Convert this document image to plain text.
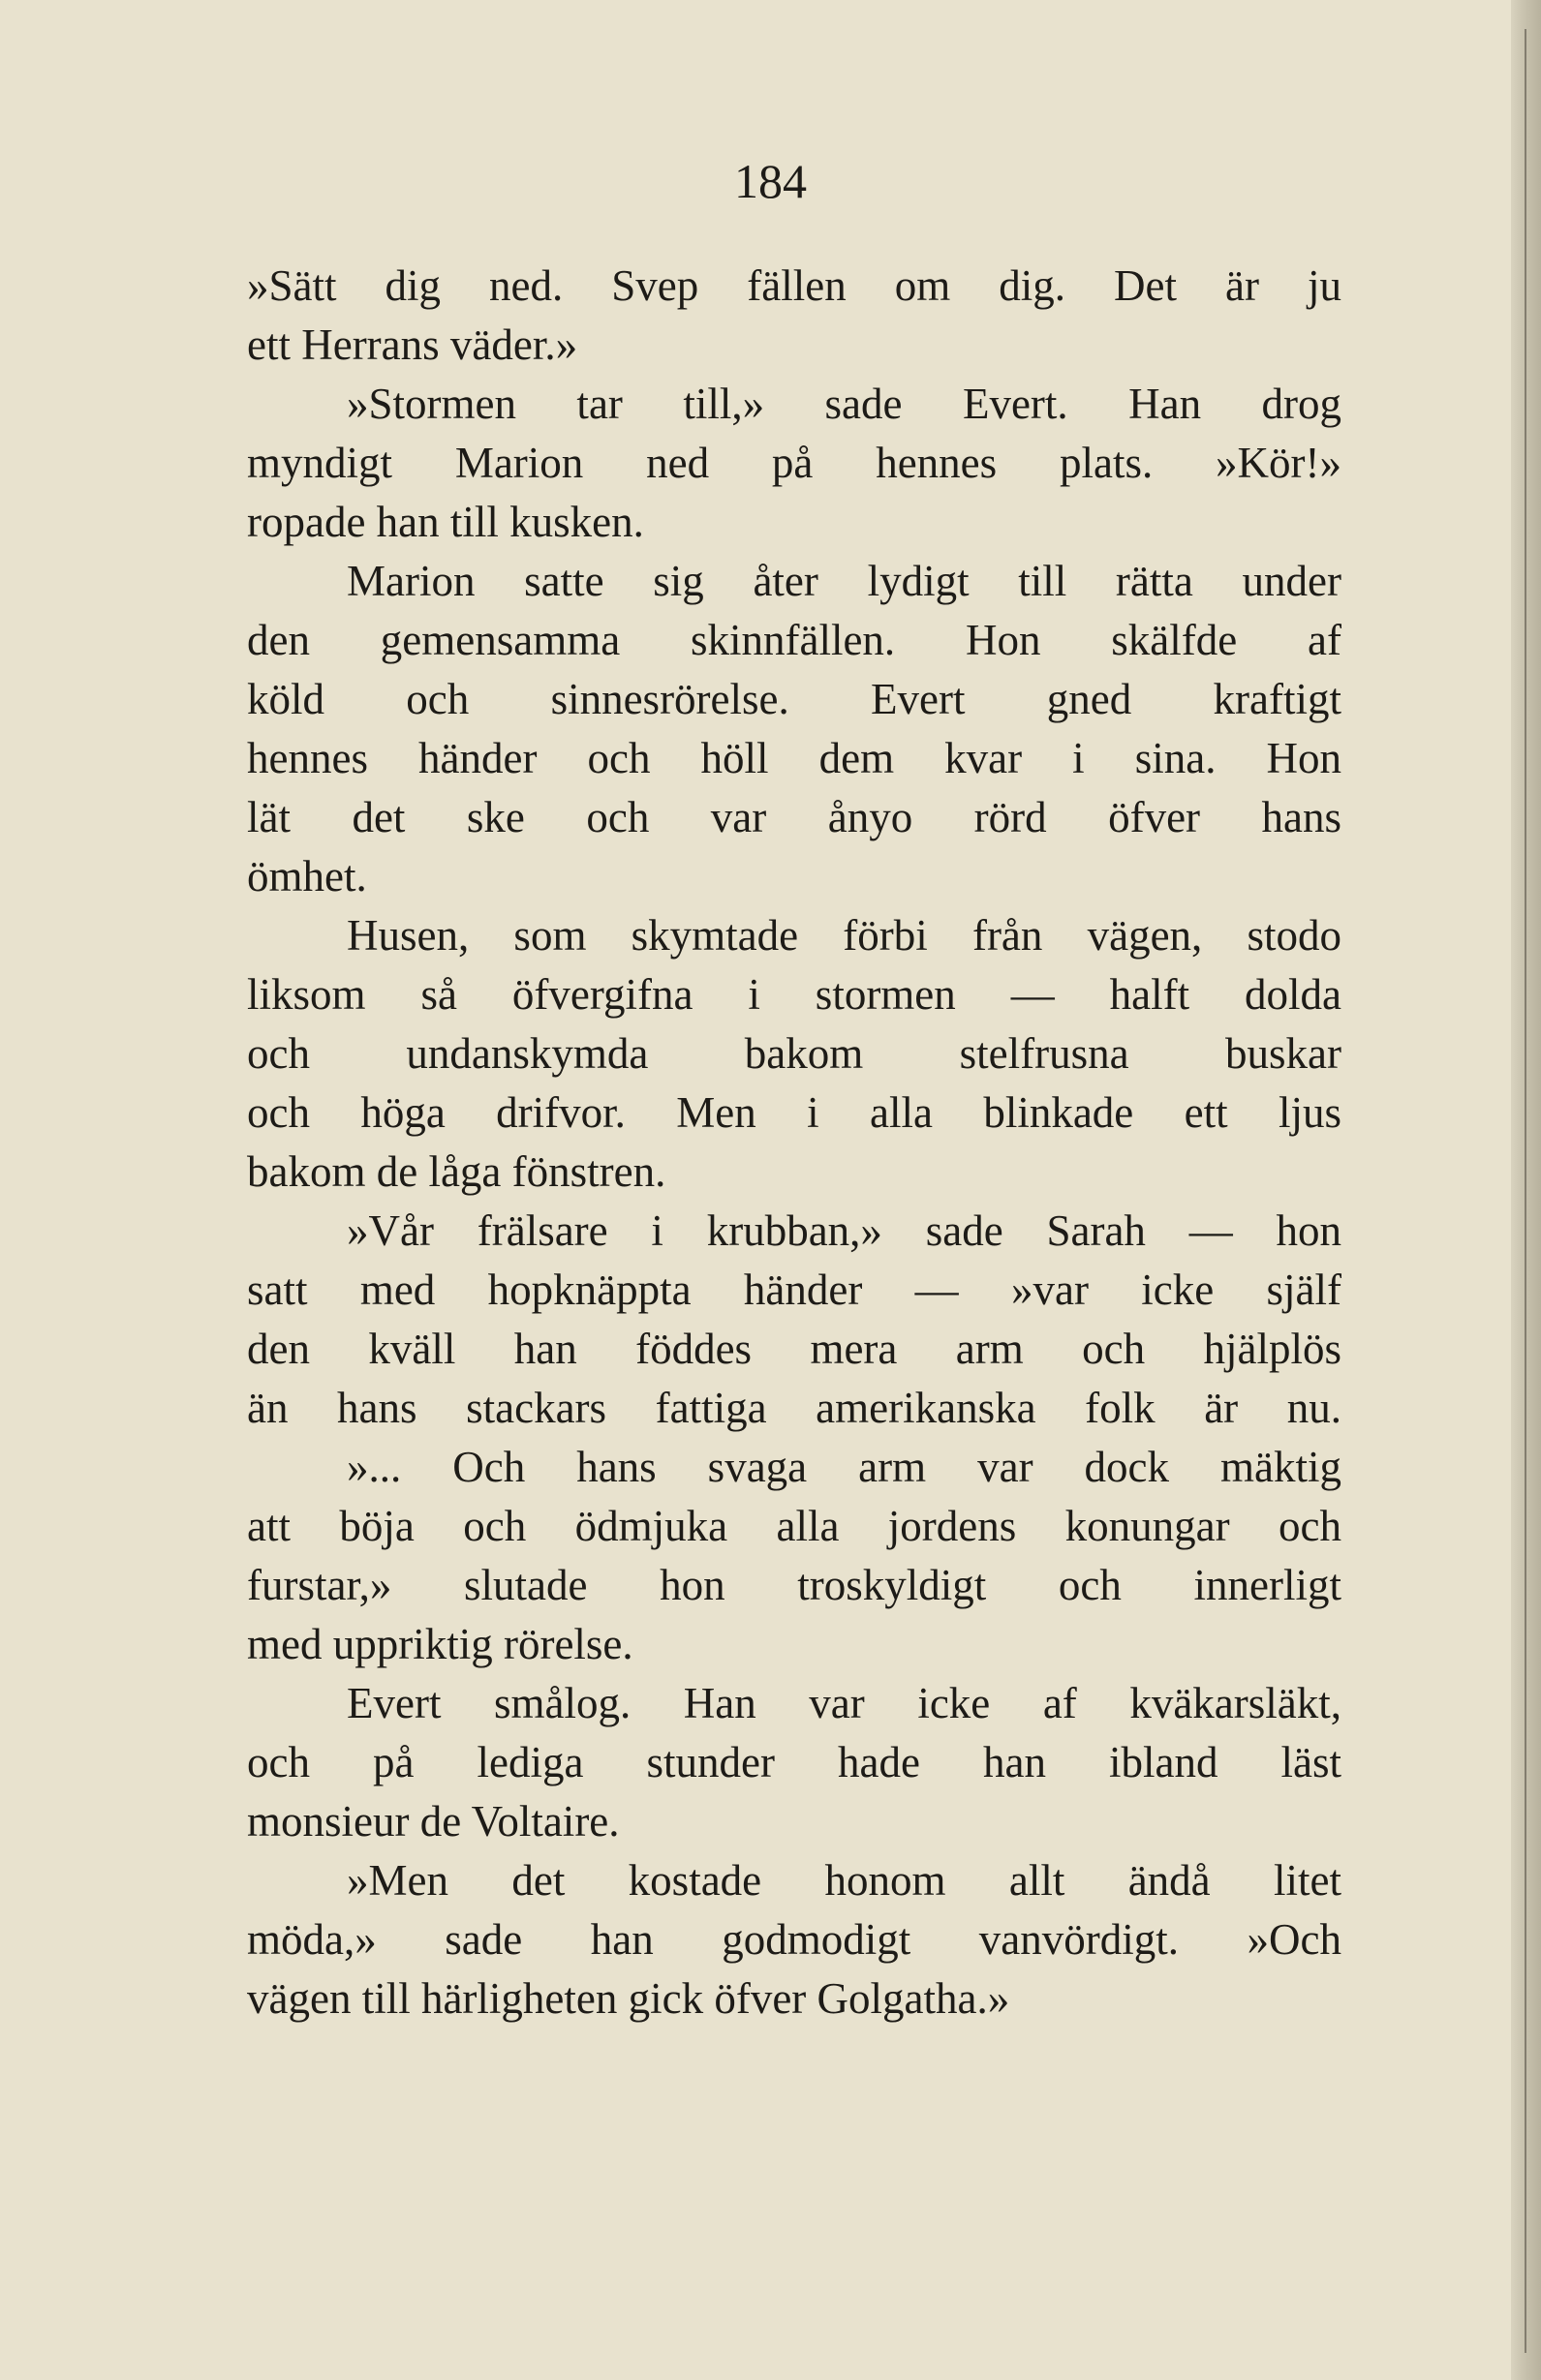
184
»Sätt dig ned. Svep fällen om dig. Det är ju
ett Herrans väder.»
»Stormen tar till,» sade Evert. Han drog
myndigt Marion ned på hennes plats. »Kör!»
ropade han till kusken.
Marion satte sig åter lydigt till rätta under
den gemensamma skinnfällen. Hon skälfde af
köld och sinnesrörelse. Evert gned kraftigt
hennes händer och höll dem kvar i sina. Hon
lät det ske och var ånyo rörd öfver hans
ömhet.
Husen, som skymtade förbi från vägen, stodo
liksom så öfvergifna i stormen — halft dolda
och undanskymda bakom stelfrusna buskar
och höga drifvor. Men i alla blinkade ett ljus
bakom de låga fönstren.
»Vår frälsare i krubban,» sade Sarah — hon
satt med hopknäppta händer — »var icke själf
den kväll han föddes mera arm och hjälplös
än hans stackars fattiga amerikanska folk är nu.
»... Och hans svaga arm var dock mäktig
att böja och ödmjuka alla jordens konungar och
furstar,» slutade hon troskyldigt och innerligt
med uppriktig rörelse.
Evert smålog. Han var icke af kväkarsläkt,
och på lediga stunder hade han ibland läst
monsieur de Voltaire.
»Men det kostade honom allt ändå litet
möda,» sade han godmodigt vanvördigt. »Och
vägen till härligheten gick öfver Golgatha.»
